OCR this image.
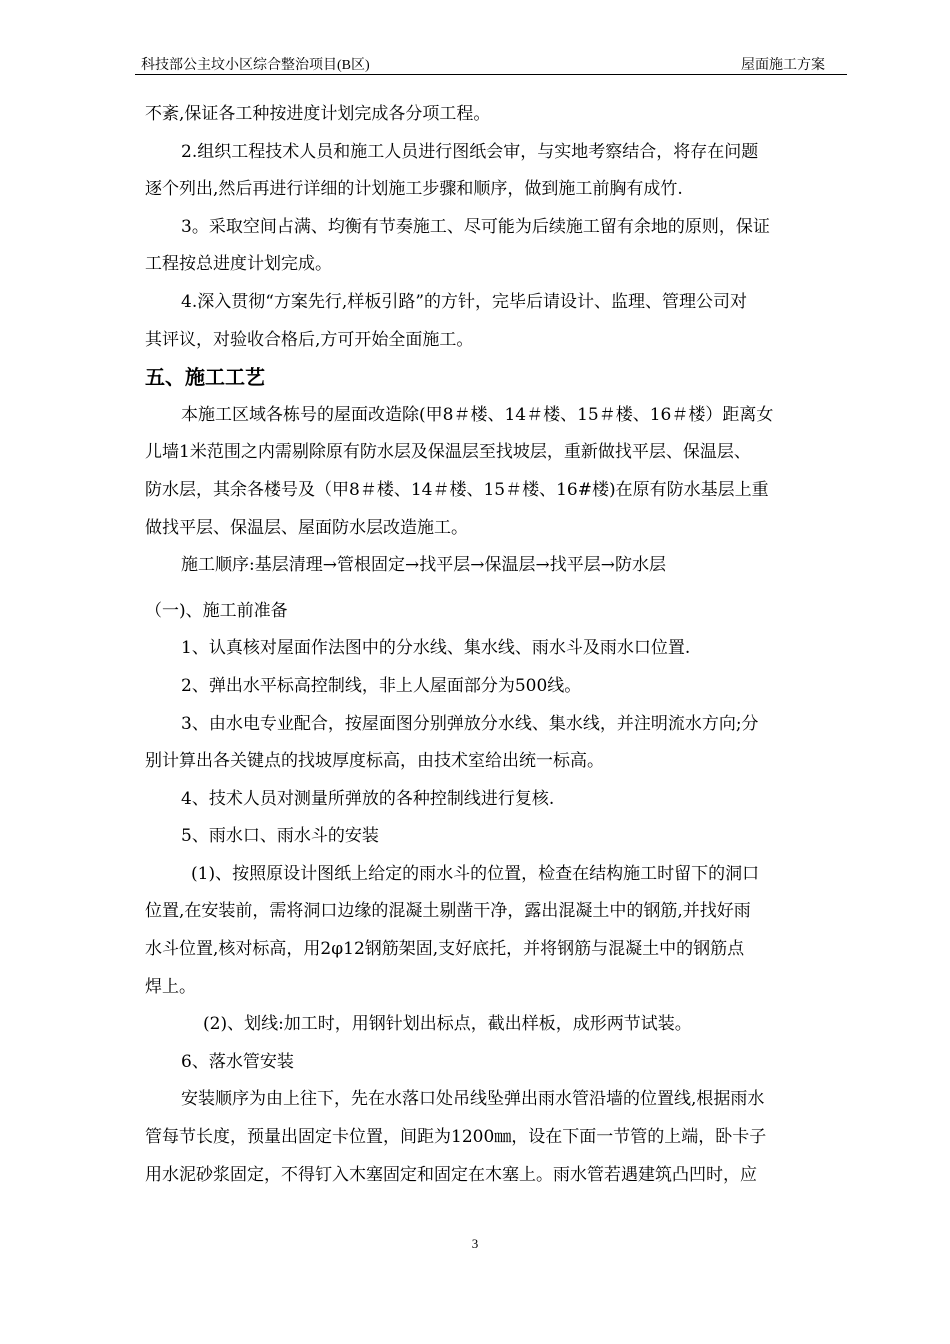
科技部公主坟小区综合整治项目(B区)	屋面施工方案
不紊,保证各工种按进度计划完成各分项工程。
2.组织工程技术人员和施工人员进行图纸会审，与实地考察结合，将存在问题
逐个列出,然后再进行详细的计划施工步骤和顺序，做到施工前胸有成竹.
3。采取空间占满、均衡有节奏施工、尽可能为后续施工留有余地的原则，保证
工程按总进度计划完成。
4.深入贯彻“方案先行,样板引路”的方针，完毕后请设计、监理、管理公司对
其评议，对验收合格后,方可开始全面施工。
五、施工工艺
本施工区域各栋号的屋面改造除(甲8＃楼、14＃楼、15＃楼、16＃楼）距离女
儿墙1米范围之内需剔除原有防水层及保温层至找坡层，重新做找平层、保温层、
防水层，其余各楼号及（甲8＃楼、14＃楼、15＃楼、16#楼)在原有防水基层上重
做找平层、保温层、屋面防水层改造施工。
施工顺序:基层清理→管根固定→找平层→保温层→找平层→防水层
（一)、施工前准备
1、认真核对屋面作法图中的分水线、集水线、雨水斗及雨水口位置.
2、弹出水平标高控制线，非上人屋面部分为500线。
3、由水电专业配合，按屋面图分别弹放分水线、集水线，并注明流水方向;分
别计算出各关键点的找坡厚度标高，由技术室给出统一标高。
4、技术人员对测量所弹放的各种控制线进行复核.
5、雨水口、雨水斗的安装
(1)、按照原设计图纸上给定的雨水斗的位置，检查在结构施工时留下的洞口
位置,在安装前，需将洞口边缘的混凝土剔凿干净，露出混凝土中的钢筋,并找好雨
水斗位置,核对标高，用2φ12钢筋架固,支好底托，并将钢筋与混凝土中的钢筋点
焊上。
(2)、划线:加工时，用钢针划出标点，截出样板，成形两节试装。
6、落水管安装
安装顺序为由上往下，先在水落口处吊线坠弹出雨水管沿墙的位置线,根据雨水
管每节长度，预量出固定卡位置，间距为1200㎜，设在下面一节管的上端，卧卡子
用水泥砂浆固定，不得钉入木塞固定和固定在木塞上。雨水管若遇建筑凸凹时，应
3
